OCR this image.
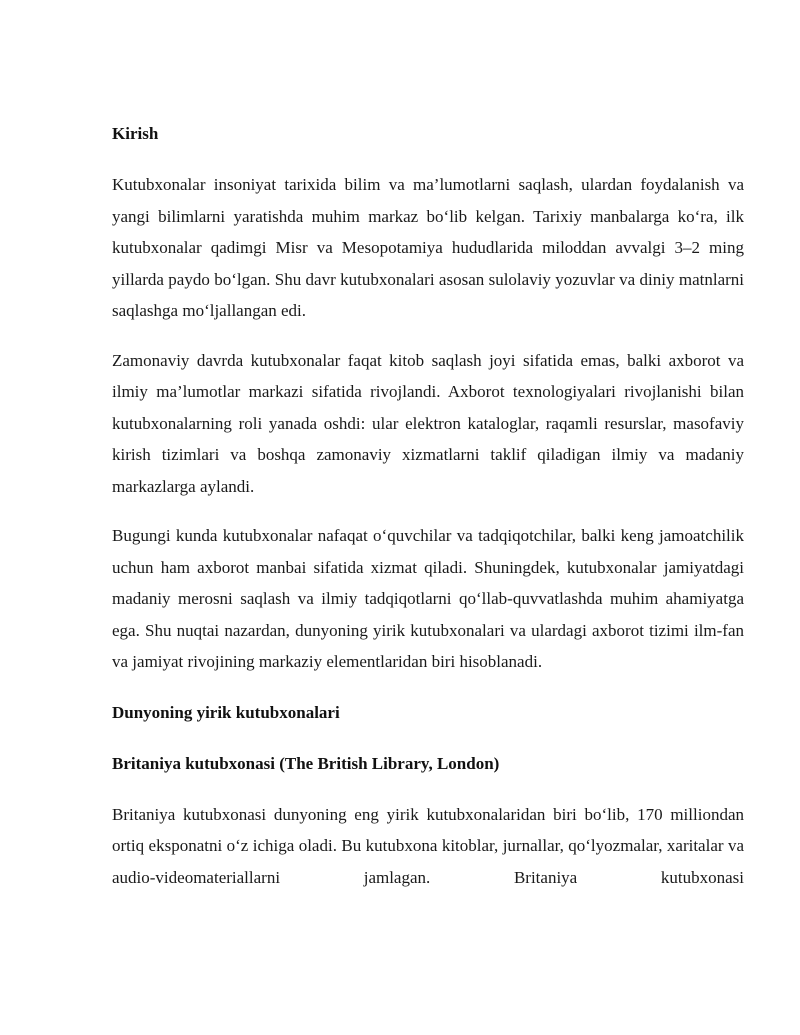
Kirish

Kutubxonalar insoniyat tarixida bilim va ma’lumotlarni saqlash, ulardan foydalanish va yangi bilimlarni yaratishda muhim markaz bo‘lib kelgan. Tarixiy manbalarga ko‘ra, ilk kutubxonalar qadimgi Misr va Mesopotamiya hududlarida miloddan avvalgi 3–2 ming yillarda paydo bo‘lgan. Shu davr kutubxonalari asosan sulolaviy yozuvlar va diniy matnlarni saqlashga mo‘ljallangan edi.

Zamonaviy davrda kutubxonalar faqat kitob saqlash joyi sifatida emas, balki axborot va ilmiy ma’lumotlar markazi sifatida rivojlandi. Axborot texnologiyalari rivojlanishi bilan kutubxonalarning roli yanada oshdi: ular elektron kataloglar, raqamli resurslar, masofaviy kirish tizimlari va boshqa zamonaviy xizmatlarni taklif qiladigan ilmiy va madaniy markazlarga aylandi.

Bugungi kunda kutubxonalar nafaqat o‘quvchilar va tadqiqotchilar, balki keng jamoatchilik uchun ham axborot manbai sifatida xizmat qiladi. Shuningdek, kutubxonalar jamiyatdagi madaniy merosni saqlash va ilmiy tadqiqotlarni qo‘llab-quvvatlashda muhim ahamiyatga ega. Shu nuqtai nazardan, dunyoning yirik kutubxonalari va ulardagi axborot tizimi ilm-fan va jamiyat rivojining markaziy elementlaridan biri hisoblanadi.

Dunyoning yirik kutubxonalari
Britaniya kutubxonasi (The British Library, London)

Britaniya kutubxonasi dunyoning eng yirik kutubxonalaridan biri bo‘lib, 170 milliondan ortiq eksponatni o‘z ichiga oladi. Bu kutubxona kitoblar, jurnallar, qo‘lyozmalar, xaritalar va audio-videomateriallarni jamlagan. Britaniya kutubxonasi
